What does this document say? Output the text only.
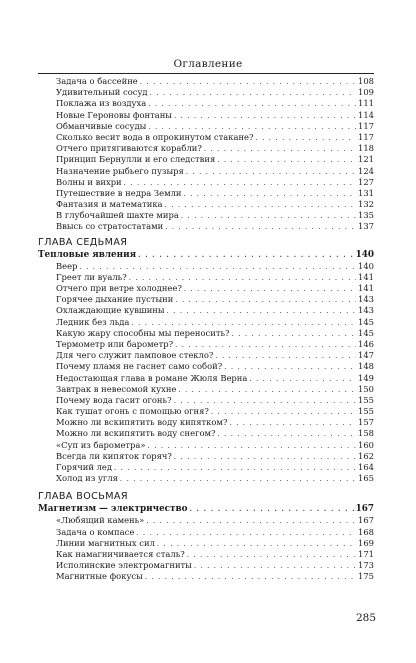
Оглавление
Задача о бассейне . . .	108
Удивительный сосуд . . .	109
Поклажа из воздуха . . .	111
Новые Героновы фонтаны . . .	114
Обманчивые сосуды . . .	117
Сколько весит вода в опрокинутом стакане? . . .	117
Отчего притягиваются корабли? . . .	118
Принцип Бернулли и его следствия . . .	121
Назначение рыбьего пузыря . . .	124
Волны и вихри . . .	127
Путешествие в недра Земли . . .	131
Фантазия и математика . . .	132
В глубочайшей шахте мира . . .	135
Ввысь со стратостатами . . .	137
ГЛАВА СЕДЬМАЯ
Тепловые явления . . .	140
Веер . . .	140
Греет ли вуаль? . . .	141
Отчего при ветре холоднее? . . .	141
Горячее дыхание пустыни . . .	143
Охлаждающие кувшины . . .	143
Ледник без льда . . .	145
Какую жару способны мы переносить? . . .	145
Термометр или барометр? . . .	146
Для чего служит ламповое стекло? . . .	147
Почему пламя не гаснет само собой? . . .	148
Недостающая глава в романе Жюля Верна . . .	149
Завтрак в невесомой кухне . . .	150
Почему вода гасит огонь? . . .	155
Как тушат огонь с помощью огня? . . .	155
Можно ли вскипятить воду кипятком? . . .	157
Можно ли вскипятить воду снегом? . . .	158
«Суп из барометра» . . .	160
Всегда ли кипяток горяч? . . .	162
Горячий лед . . .	164
Холод из угля . . .	165
ГЛАВА ВОСЬМАЯ
Магнетизм — электричество . . .	167
«Любящий камень» . . .	167
Задача о компасе . . .	168
Линии магнитных сил . . .	169
Как намагничивается сталь? . . .	171
Исполинские электромагниты . . .	173
Магнитные фокусы . . .	175
285
